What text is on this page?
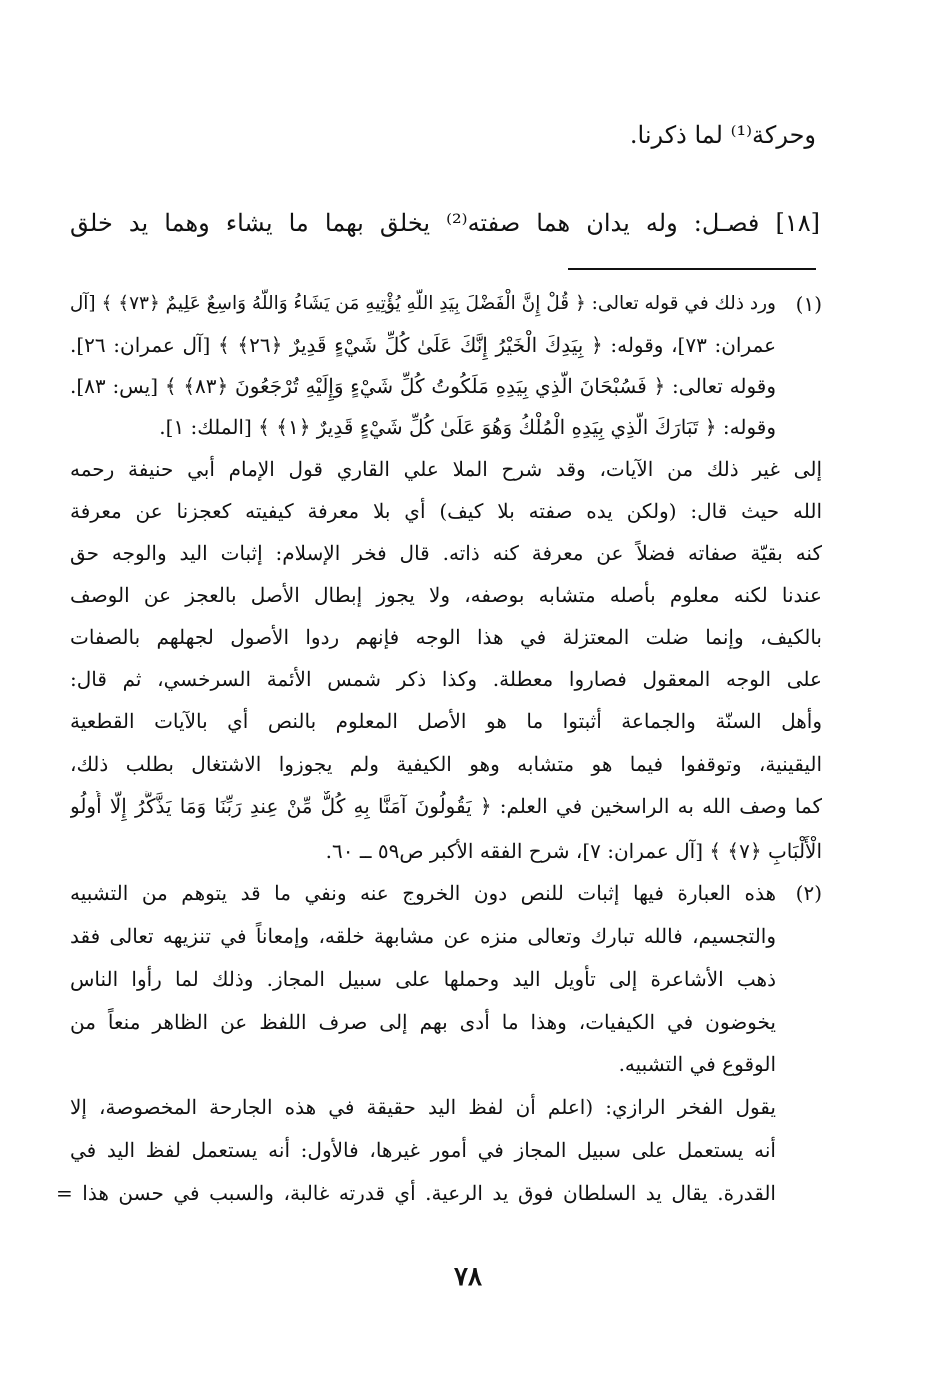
وحركة⁽¹⁾ لما ذكرنا.
[١٨] فصـل: وله يدان هما صفته⁽²⁾ يخلق بهما ما يشاء وهما يد خلق
(١)
ورد ذلك في قوله تعالى: ﴿ قُلْ إِنَّ الْفَضْلَ بِيَدِ اللَّهِ يُؤْتِيهِ مَن يَشَاءُ وَاللَّهُ وَاسِعٌ عَلِيمٌ ﴿٧٣﴾ ﴾ [آل
عمران: ٧٣]، وقوله: ﴿ بِيَدِكَ الْخَيْرُ إِنَّكَ عَلَىٰ كُلِّ شَيْءٍ قَدِيرٌ ﴿٢٦﴾ ﴾ [آل عمران: ٢٦].
وقوله تعالى: ﴿ فَسُبْحَانَ الَّذِي بِيَدِهِ مَلَكُوتُ كُلِّ شَيْءٍ وَإِلَيْهِ تُرْجَعُونَ ﴿٨٣﴾ ﴾ [يس: ٨٣].
وقوله: ﴿ تَبَارَكَ الَّذِي بِيَدِهِ الْمُلْكُ وَهُوَ عَلَىٰ كُلِّ شَيْءٍ قَدِيرٌ ﴿١﴾ ﴾ [الملك: ١].
إلى غير ذلك من الآيات، وقد شرح الملا علي القاري قول الإمام أبي حنيفة رحمه
الله حيث قال: (ولكن يده صفته بلا كيف) أي بلا معرفة كيفيته كعجزنا عن معرفة
كنه بقيّة صفاته فضلاً عن معرفة كنه ذاته. قال فخر الإسلام: إثبات اليد والوجه حق
عندنا لكنه معلوم بأصله متشابه بوصفه، ولا يجوز إبطال الأصل بالعجز عن الوصف
بالكيف، وإنما ضلت المعتزلة في هذا الوجه فإنهم ردوا الأصول لجهلهم بالصفات
على الوجه المعقول فصاروا معطلة. وكذا ذكر شمس الأئمة السرخسي، ثم قال:
وأهل السنّة والجماعة أثبتوا ما هو الأصل المعلوم بالنص أي بالآيات القطعية
اليقينية، وتوقفوا فيما هو متشابه وهو الكيفية ولم يجوزوا الاشتغال بطلب ذلك،
كما وصف الله به الراسخين في العلم: ﴿ يَقُولُونَ آمَنَّا بِهِ كُلٌّ مِّنْ عِندِ رَبِّنَا وَمَا يَذَّكَّرُ إِلَّا أُولُو
الْأَلْبَابِ ﴿٧﴾ ﴾ [آل عمران: ٧]، شرح الفقه الأكبر ص٥٩ ــ ٦٠.
(٢)
هذه العبارة فيها إثبات للنص دون الخروج عنه ونفي ما قد يتوهم من التشبيه
والتجسيم، فالله تبارك وتعالى منزه عن مشابهة خلقه، وإمعاناً في تنزيهه تعالى فقد
ذهب الأشاعرة إلى تأويل اليد وحملها على سبيل المجاز. وذلك لما رأوا الناس
يخوضون في الكيفيات، وهذا ما أدى بهم إلى صرف اللفظ عن الظاهر منعاً من
الوقوع في التشبيه.
يقول الفخر الرازي: (اعلم أن لفظ اليد حقيقة في هذه الجارحة المخصوصة، إلا
أنه يستعمل على سبيل المجاز في أمور غيرها، فالأول: أنه يستعمل لفظ اليد في
القدرة. يقال يد السلطان فوق يد الرعية. أي قدرته غالبة، والسبب في حسن هذا =
٧٨
